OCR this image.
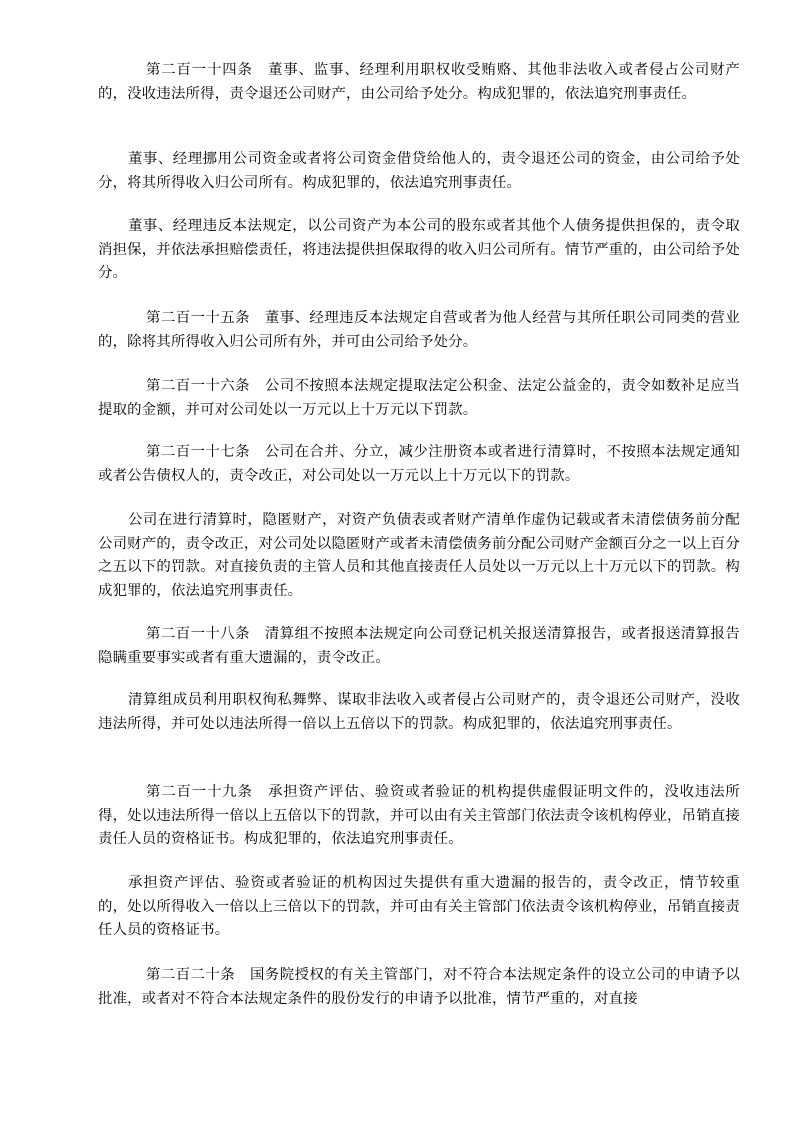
第二百一十四条　董事、监事、经理利用职权收受贿赂、其他非法收入或者侵占公司财产的，没收违法所得，责令退还公司财产，由公司给予处分。构成犯罪的，依法追究刑事责任。

董事、经理挪用公司资金或者将公司资金借贷给他人的，责令退还公司的资金，由公司给予处分，将其所得收入归公司所有。构成犯罪的，依法追究刑事责任。

董事、经理违反本法规定，以公司资产为本公司的股东或者其他个人债务提供担保的，责令取消担保，并依法承担赔偿责任，将违法提供担保取得的收入归公司所有。情节严重的，由公司给予处分。

第二百一十五条　董事、经理违反本法规定自营或者为他人经营与其所任职公司同类的营业的，除将其所得收入归公司所有外，并可由公司给予处分。

第二百一十六条　公司不按照本法规定提取法定公积金、法定公益金的，责令如数补足应当提取的金额，并可对公司处以一万元以上十万元以下罚款。

第二百一十七条　公司在合并、分立，减少注册资本或者进行清算时，不按照本法规定通知或者公告债权人的，责令改正，对公司处以一万元以上十万元以下的罚款。

公司在进行清算时，隐匿财产，对资产负债表或者财产清单作虚伪记载或者未清偿债务前分配公司财产的，责令改正，对公司处以隐匿财产或者未清偿债务前分配公司财产金额百分之一以上百分之五以下的罚款。对直接负责的主管人员和其他直接责任人员处以一万元以上十万元以下的罚款。构成犯罪的，依法追究刑事责任。

第二百一十八条　清算组不按照本法规定向公司登记机关报送清算报告，或者报送清算报告隐瞒重要事实或者有重大遗漏的，责令改正。

清算组成员利用职权徇私舞弊、谋取非法收入或者侵占公司财产的，责令退还公司财产，没收违法所得，并可处以违法所得一倍以上五倍以下的罚款。构成犯罪的，依法追究刑事责任。

第二百一十九条　承担资产评估、验资或者验证的机构提供虚假证明文件的，没收违法所得，处以违法所得一倍以上五倍以下的罚款，并可以由有关主管部门依法责令该机构停业，吊销直接责任人员的资格证书。构成犯罪的，依法追究刑事责任。

承担资产评估、验资或者验证的机构因过失提供有重大遗漏的报告的，责令改正，情节较重的，处以所得收入一倍以上三倍以下的罚款，并可由有关主管部门依法责令该机构停业，吊销直接责任人员的资格证书。

第二百二十条　国务院授权的有关主管部门，对不符合本法规定条件的设立公司的申请予以批准，或者对不符合本法规定条件的股份发行的申请予以批准，情节严重的，对直接
